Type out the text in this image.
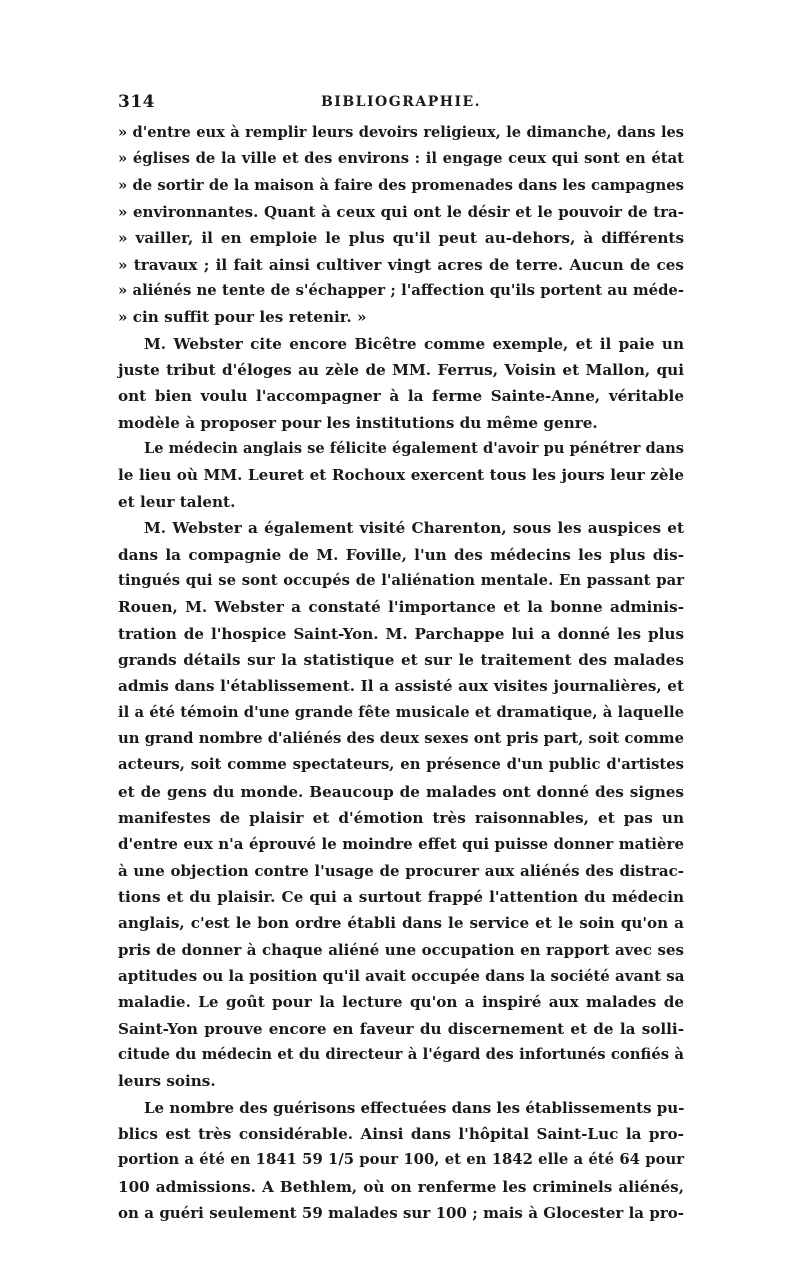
314	BIBLIOGRAPHIE.
» d'entre eux à remplir leurs devoirs religieux, le dimanche, dans les
» églises de la ville et des environs : il engage ceux qui sont en état
» de sortir de la maison à faire des promenades dans les campagnes
» environnantes. Quant à ceux qui ont le désir et le pouvoir de tra-
» vailler, il en emploie le plus qu'il peut au-dehors, à différents
» travaux ; il fait ainsi cultiver vingt acres de terre. Aucun de ces
» aliénés ne tente de s'échapper ; l'affection qu'ils portent au méde-
» cin suffit pour les retenir. »
M. Webster cite encore Bicêtre comme exemple, et il paie un
juste tribut d'éloges au zèle de MM. Ferrus, Voisin et Mallon, qui
ont bien voulu l'accompagner à la ferme Sainte-Anne, véritable
modèle à proposer pour les institutions du même genre.
Le médecin anglais se félicite également d'avoir pu pénétrer dans
le lieu où MM. Leuret et Rochoux exercent tous les jours leur zèle
et leur talent.
M. Webster a également visité Charenton, sous les auspices et
dans la compagnie de M. Foville, l'un des médecins les plus dis-
tingués qui se sont occupés de l'aliénation mentale. En passant par
Rouen, M. Webster a constaté l'importance et la bonne adminis-
tration de l'hospice Saint-Yon. M. Parchappe lui a donné les plus
grands détails sur la statistique et sur le traitement des malades
admis dans l'établissement. Il a assisté aux visites journalières, et
il a été témoin d'une grande fête musicale et dramatique, à laquelle
un grand nombre d'aliénés des deux sexes ont pris part, soit comme
acteurs, soit comme spectateurs, en présence d'un public d'artistes
et de gens du monde. Beaucoup de malades ont donné des signes
manifestes de plaisir et d'émotion très raisonnables, et pas un
d'entre eux n'a éprouvé le moindre effet qui puisse donner matière
à une objection contre l'usage de procurer aux aliénés des distrac-
tions et du plaisir. Ce qui a surtout frappé l'attention du médecin
anglais, c'est le bon ordre établi dans le service et le soin qu'on a
pris de donner à chaque aliéné une occupation en rapport avec ses
aptitudes ou la position qu'il avait occupée dans la société avant sa
maladie. Le goût pour la lecture qu'on a inspiré aux malades de
Saint-Yon prouve encore en faveur du discernement et de la solli-
citude du médecin et du directeur à l'égard des infortunés confiés à
leurs soins.
Le nombre des guérisons effectuées dans les établissements pu-
blics est très considérable. Ainsi dans l'hôpital Saint-Luc la pro-
portion a été en 1841 59 1/5 pour 100, et en 1842 elle a été 64 pour
100 admissions. A Bethlem, où on renferme les criminels aliénés,
on a guéri seulement 59 malades sur 100 ; mais à Glocester la pro-
